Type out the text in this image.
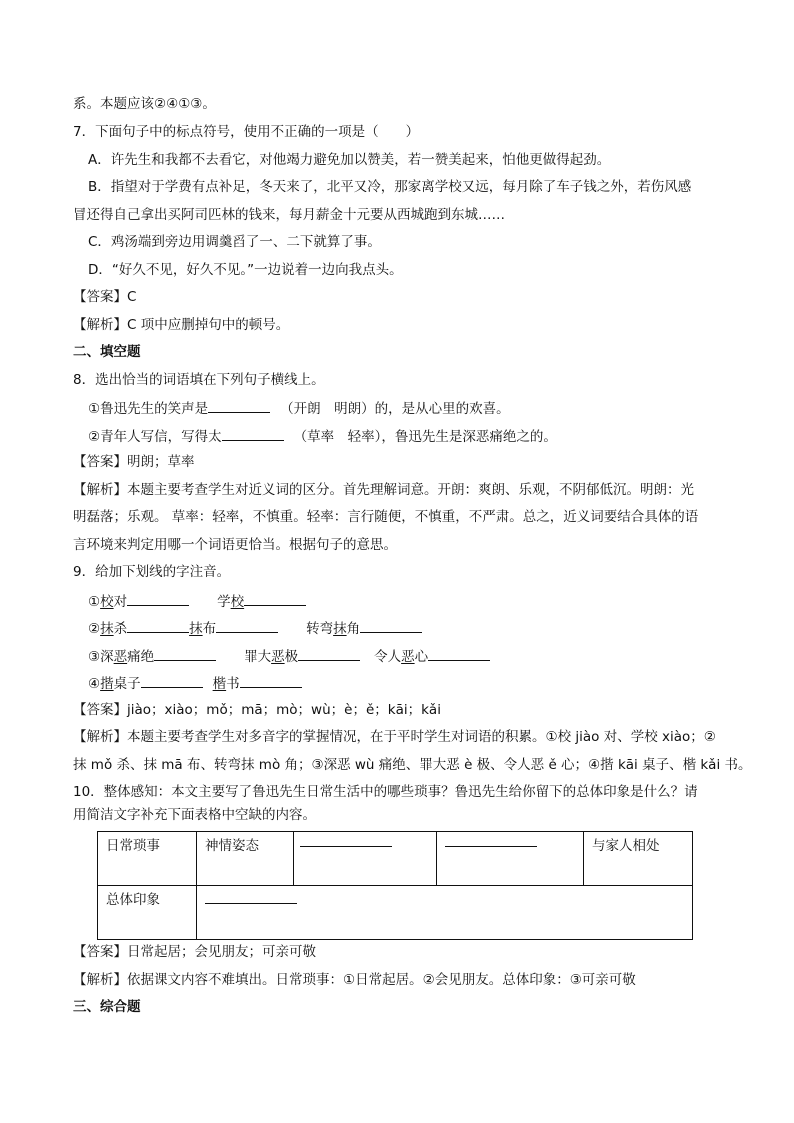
系。本题应该②④①③。
7．下面句子中的标点符号，使用不正确的一项是（　　）
A．许先生和我都不去看它，对他竭力避免加以赞美，若一赞美起来，怕他更做得起劲。
B．指望对于学费有点补足，冬天来了，北平又冷，那家离学校又远，每月除了车子钱之外，若伤风感
冒还得自己拿出买阿司匹林的钱来，每月薪金十元要从西城跑到东城……
C．鸡汤端到旁边用调羹舀了一、二下就算了事。
D．“好久不见，好久不见。”一边说着一边向我点头。
【答案】C
【解析】C 项中应删掉句中的顿号。
二、填空题
8．选出恰当的词语填在下列句子横线上。
①鲁迅先生的笑声是	（开朗　明朗）的，是从心里的欢喜。
②青年人写信，写得太	（草率　轻率），鲁迅先生是深恶痛绝之的。
【答案】明朗；草率
【解析】本题主要考查学生对近义词的区分。首先理解词意。开朗：爽朗、乐观，不阴郁低沉。明朗：光
明磊落；乐观。 草率：轻率，不慎重。轻率：言行随便，不慎重，不严肃。总之，近义词要结合具体的语
言环境来判定用哪一个词语更恰当。根据句子的意思。
9．给加下划线的字注音。
①校对	学校
②抹杀	抹布	转弯抹角
③深恶痛绝	罪大恶极	令人恶心
④揩桌子	楷书
【答案】jiào；xiào；mǒ；mā；mò；wù；è；ě；kāi；kǎi
【解析】本题主要考查学生对多音字的掌握情况，在于平时学生对词语的积累。①校 jiào 对、学校 xiào；②
抹 mǒ 杀、抹 mā 布、转弯抹 mò 角；③深恶 wù 痛绝、罪大恶 è 极、令人恶 ě 心；④揩 kāi 桌子、楷 kǎi 书。
10．整体感知：本文主要写了鲁迅先生日常生活中的哪些琐事？鲁迅先生给你留下的总体印象是什么？请
用简洁文字补充下面表格中空缺的内容。
日常琐事	神情姿态			与家人相处

总体印象				

【答案】日常起居；会见朋友；可亲可敬
【解析】依据课文内容不难填出。日常琐事：①日常起居。②会见朋友。总体印象：③可亲可敬
三、综合题
